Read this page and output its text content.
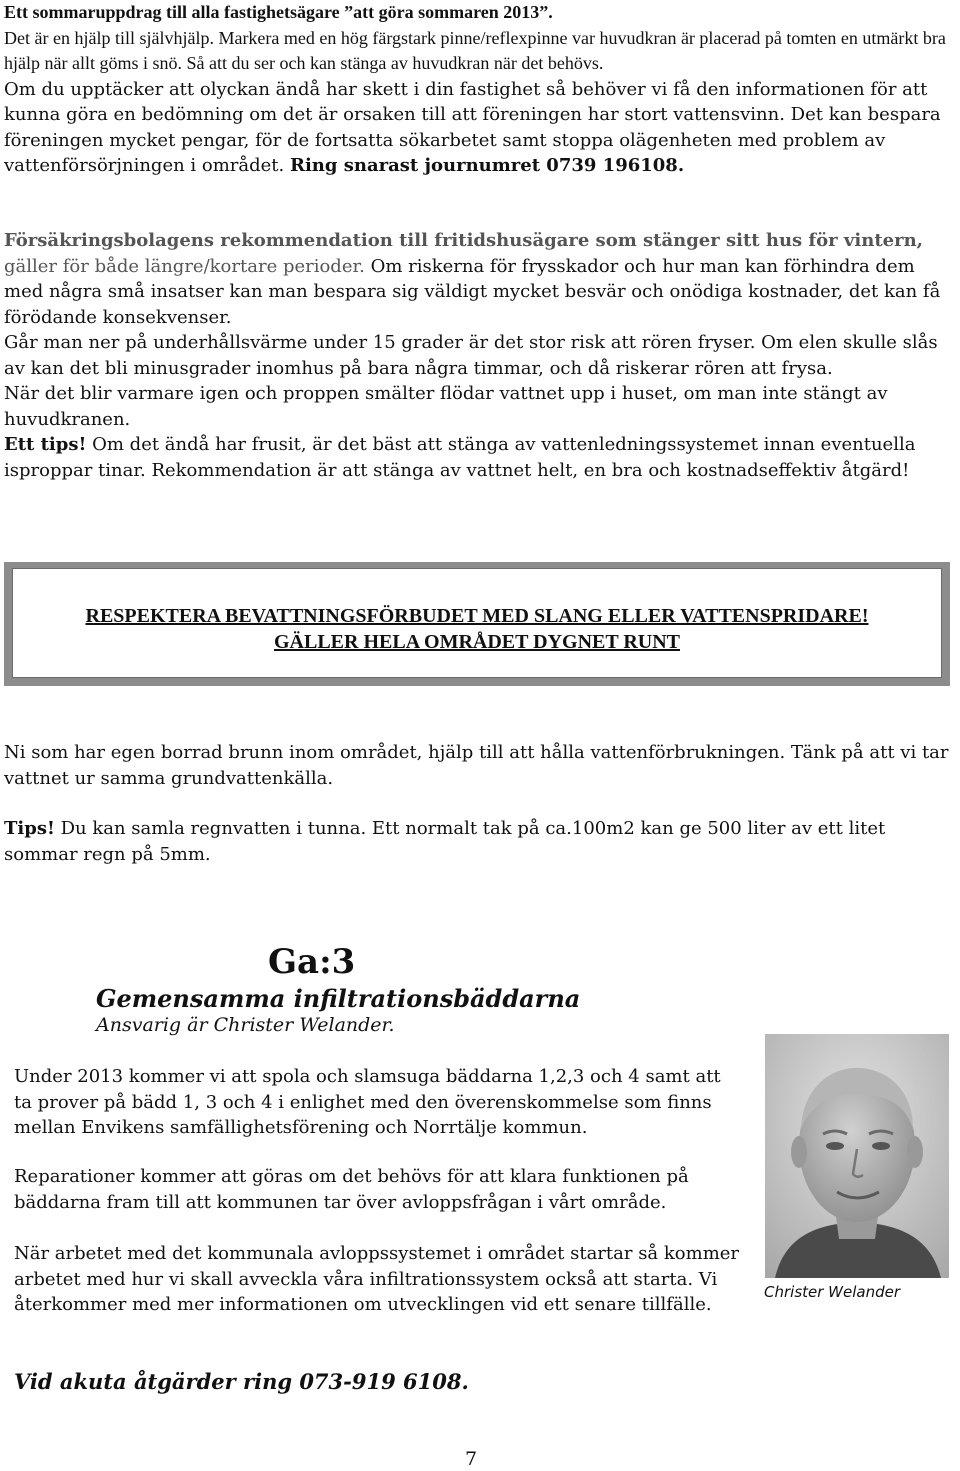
Ett sommaruppdrag till alla fastighetsägare ”att göra sommaren 2013”.
Det är en hjälp till självhjälp. Markera med en hög färgstark pinne/reflexpinne var huvudkran är placerad på tomten en utmärkt bra hjälp när allt göms i snö. Så att du ser och kan stänga av huvudkran när det behövs.

Om du upptäcker att olyckan ändå har skett i din fastighet så behöver vi få den informationen för att kunna göra en bedömning om det är orsaken till att föreningen har stort vattensvinn. Det kan bespara föreningen mycket pengar, för de fortsatta sökarbetet samt stoppa olägenheten med problem av vattenförsörjningen i området. Ring snarast journumret 0739 196108.

Försäkringsbolagens rekommendation till fritidshusägare som stänger sitt hus för vintern, gäller för både längre/kortare perioder. Om riskerna för frysskador och hur man kan förhindra dem med några små insatser kan man bespara sig väldigt mycket besvär och onödiga kostnader, det kan få förödande konsekvenser.

Går man ner på underhållsvärme under 15 grader är det stor risk att rören fryser. Om elen skulle slås av kan det bli minusgrader inomhus på bara några timmar, och då riskerar rören att frysa.

När det blir varmare igen och proppen smälter flödar vattnet upp i huset, om man inte stängt av huvudkranen.

Ett tips! Om det ändå har frusit, är det bäst att stänga av vattenledningssystemet innan eventuella isproppar tinar. Rekommendation är att stänga av vattnet helt, en bra och kostnadseffektiv åtgärd!

RESPEKTERA BEVATTNINGSFÖRBUDET MED SLANG ELLER VATTENSPRIDARE!
GÄLLER HELA OMRÅDET DYGNET RUNT

Ni som har egen borrad brunn inom området, hjälp till att hålla vattenförbrukningen. Tänk på att vi tar vattnet ur samma grundvattenkälla.

Tips! Du kan samla regnvatten i tunna. Ett normalt tak på ca.100m2 kan ge 500 liter av ett litet sommar regn på 5mm.

Ga:3
Gemensamma infiltrationsbäddarna
Ansvarig är Christer Welander.

Under 2013 kommer vi att spola och slamsuga bäddarna 1,2,3 och 4 samt att ta prover på bädd 1, 3 och 4 i enlighet med den överenskommelse som finns mellan Envikens samfällighetsförening och Norrtälje kommun.

Reparationer kommer att göras om det behövs för att klara funktionen på bäddarna fram till att kommunen tar över avloppsfrågan i vårt område.

När arbetet med det kommunala avloppssystemet i området startar så kommer arbetet med hur vi skall avveckla våra infiltrationssystem också att starta. Vi återkommer med mer informationen om utvecklingen vid ett senare tillfälle.

Vid akuta åtgärder ring 073-919 6108.
Christer Welander
7
